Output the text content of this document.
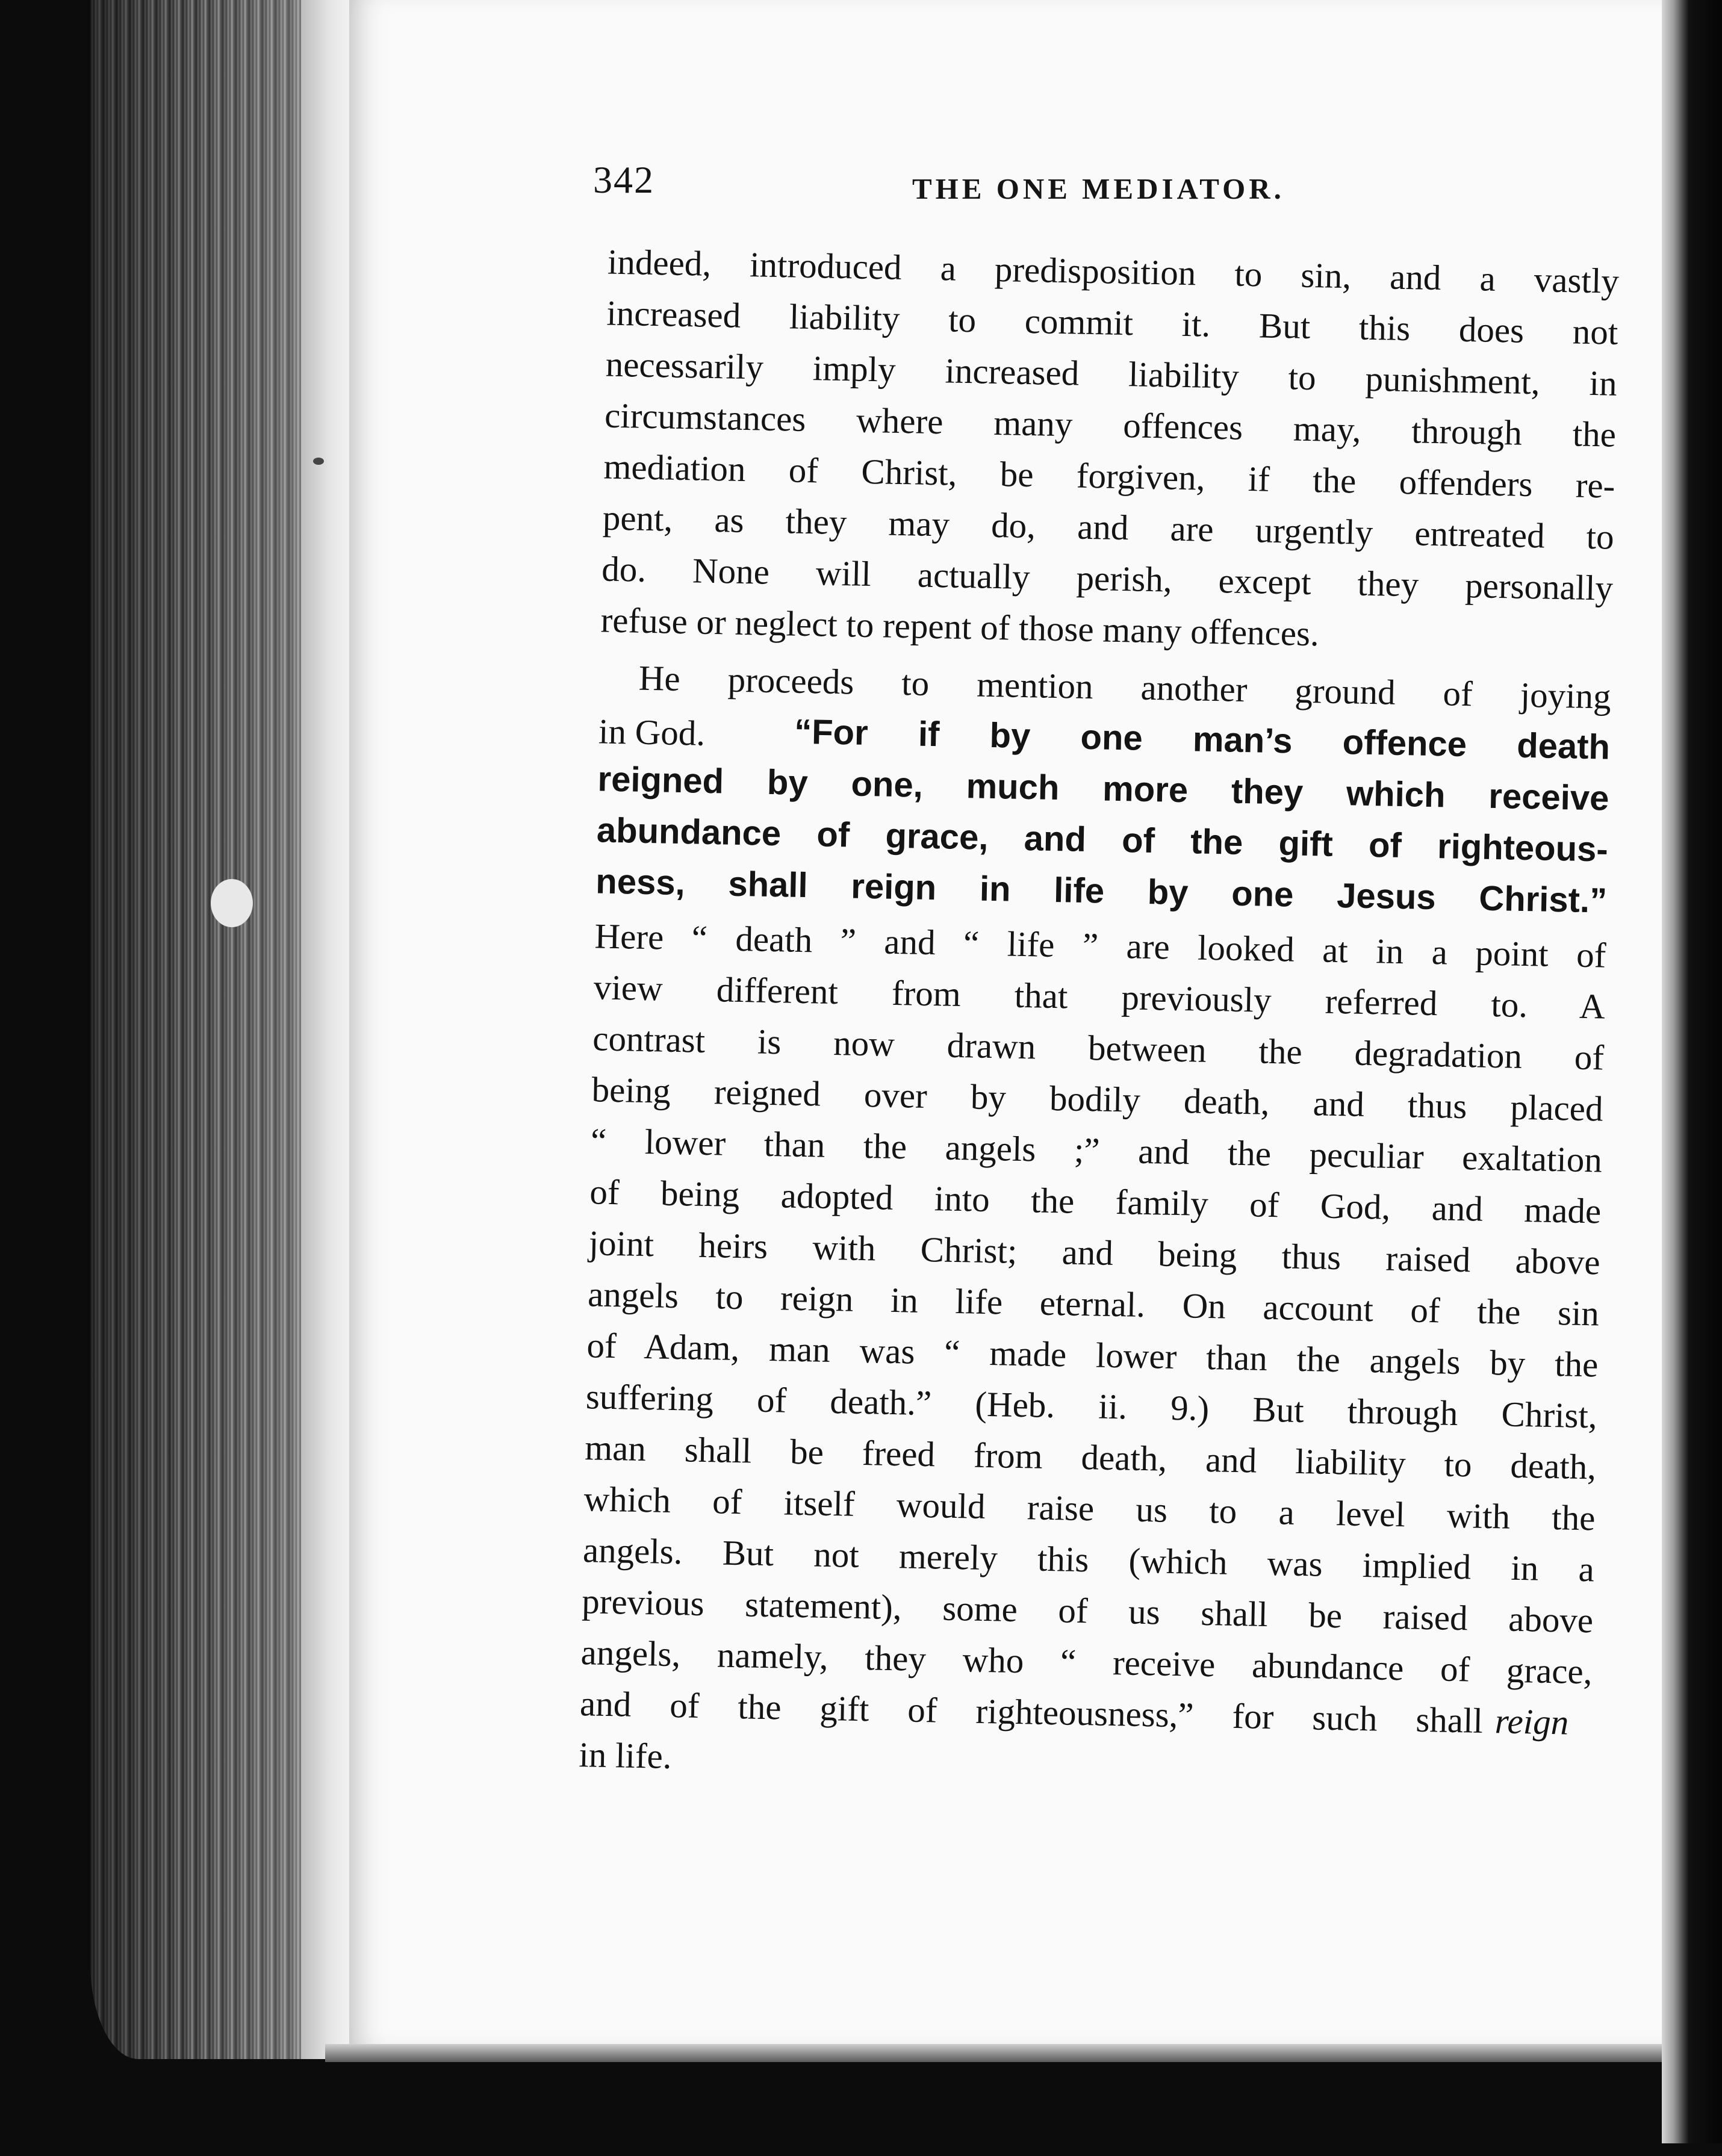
342	THE ONE MEDIATOR.
indeed, introduced a predisposition to sin, and a vastly
increased liability to commit it. But this does not
necessarily imply increased liability to punishment, in
circumstances where many offences may, through the
mediation of Christ, be forgiven, if the offenders re-
pent, as they may do, and are urgently entreated to
do. None will actually perish, except they personally
refuse or neglect to repent of those many offences.
He proceeds to mention another ground of joying
in God.	“For if by one man’s offence death
reigned by one, much more they which receive
abundance of grace, and of the gift of righteous-
ness, shall reign in life by one Jesus Christ.”
Here “ death ” and “ life ” are looked at in a point of
view different from that previously referred to. A
contrast is now drawn between the degradation of
being reigned over by bodily death, and thus placed
“ lower than the angels ;” and the peculiar exaltation
of being adopted into the family of God, and made
joint heirs with Christ; and being thus raised above
angels to reign in life eternal. On account of the sin
of Adam, man was “ made lower than the angels by the
suffering of death.” (Heb. ii. 9.) But through Christ,
man shall be freed from death, and liability to death,
which of itself would raise us to a level with the
angels. But not merely this (which was implied in a
previous statement), some of us shall be raised above
angels, namely, they who “ receive abundance of grace,
and of the gift of righteousness,” for such shall reign
in life.
